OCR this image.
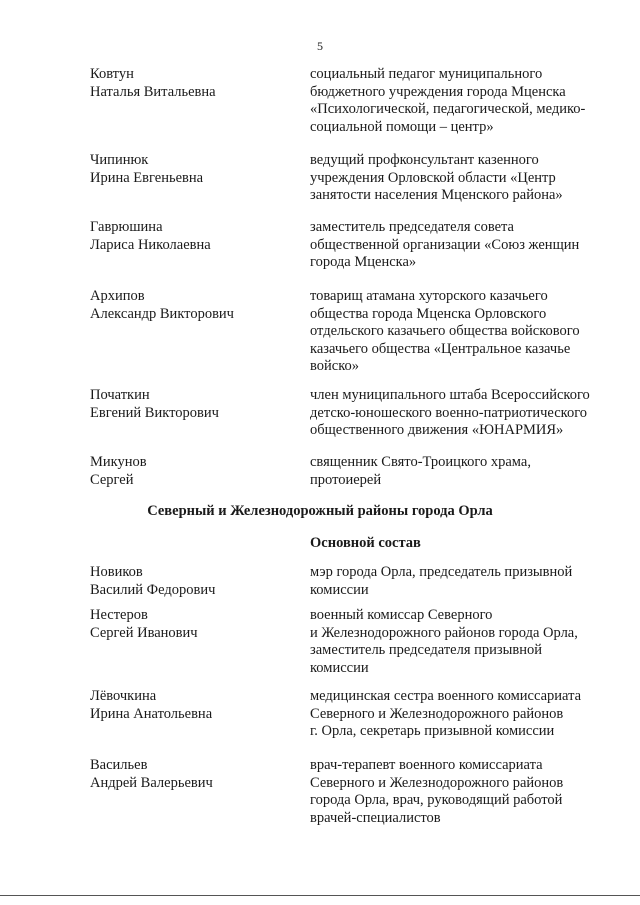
5
Ковтун
Наталья Витальевна
социальный педагог муниципального
бюджетного учреждения города Мценска
«Психологической, педагогической, медико-
социальной помощи – центр»
Чипинюк
Ирина Евгеньевна
ведущий профконсультант казенного
учреждения Орловской области «Центр
занятости населения Мценского района»
Гаврюшина
Лариса Николаевна
заместитель председателя совета
общественной организации «Союз женщин
города Мценска»
Архипов
Александр Викторович
товарищ атамана хуторского казачьего
общества города Мценска Орловского
отдельского казачьего общества войскового
казачьего общества «Центральное казачье
войско»
Початкин
Евгений Викторович
член муниципального штаба Всероссийского
детско-юношеского военно-патриотического
общественного движения «ЮНАРМИЯ»
Микунов
Сергей
священник Свято-Троицкого храма,
протоиерей
Северный и Железнодорожный районы города Орла
Основной состав
Новиков
Василий Федорович
мэр города Орла, председатель призывной
комиссии
Нестеров
Сергей Иванович
военный комиссар Северного
и Железнодорожного районов города Орла,
заместитель председателя призывной
комиссии
Лёвочкина
Ирина Анатольевна
медицинская сестра военного комиссариата
Северного и Железнодорожного районов
г. Орла, секретарь призывной комиссии
Васильев
Андрей Валерьевич
врач-терапевт военного комиссариата
Северного и Железнодорожного районов
города Орла, врач, руководящий работой
врачей-специалистов
